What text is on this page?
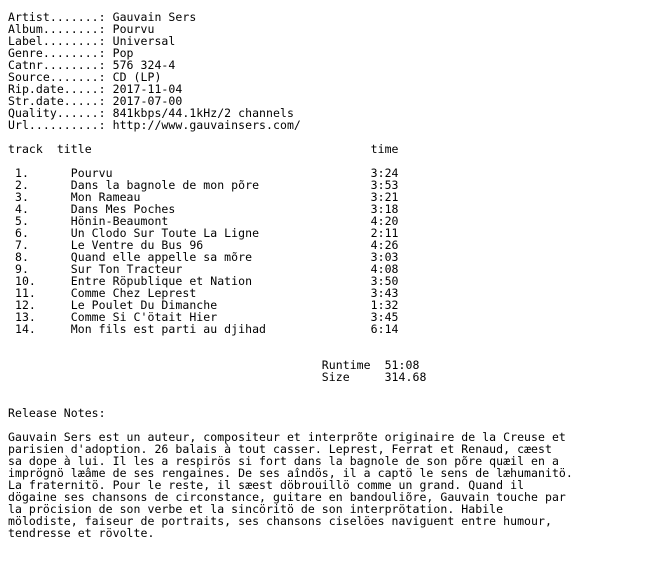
Artist.......: Gauvain Sers
Album........: Pourvu
Label........: Universal
Genre........: Pop
Catnr........: 576 324-4
Source.......: CD (LP)
Rip.date.....: 2017-11-04
Str.date.....: 2017-07-00
Quality......: 841kbps/44.1kHz/2 channels
Url..........: http://www.gauvainsers.com/
track  title                                        time
1.      Pourvu                                     3:24
2.      Dans la bagnole de mon põre                3:53
3.      Mon Rameau                                 3:21
4.      Dans Mes Poches                            3:18
5.      Hönin-Beaumont                             4:20
6.      Un Clodo Sur Toute La Ligne                2:11
7.      Le Ventre du Bus 96                        4:26
8.      Quand elle appelle sa mõre                 3:03
9.      Sur Ton Tracteur                           4:08
10.     Entre Röpublique et Nation                 3:50
11.     Comme Chez Leprest                         3:43
12.     Le Poulet Du Dimanche                      1:32
13.     Comme Si C'ötait Hier                      3:45
14.     Mon fils est parti au djihad               6:14
Runtime  51:08
Size     314.68
Release Notes:
Gauvain Sers est un auteur, compositeur et interprõte originaire de la Creuse et
parisien d'adoption. 26 balais à tout casser. Leprest, Ferrat et Renaud, cæest
sa dope à lui. Il les a respirös si fort dans la bagnole de son põre quæil en a
imprögnö læâme de ses rengaines. De ses aîndös, il a captö le sens de læhumanitö.
La fraternitö. Pour le reste, il sæest döbrouillö comme un grand. Quand il
dögaine ses chansons de circonstance, guitare en bandouliõre, Gauvain touche par
la pröcision de son verbe et la sincöritö de son interprötation. Habile
mölodiste, faiseur de portraits, ses chansons ciselöes naviguent entre humour,
tendresse et rövolte.
